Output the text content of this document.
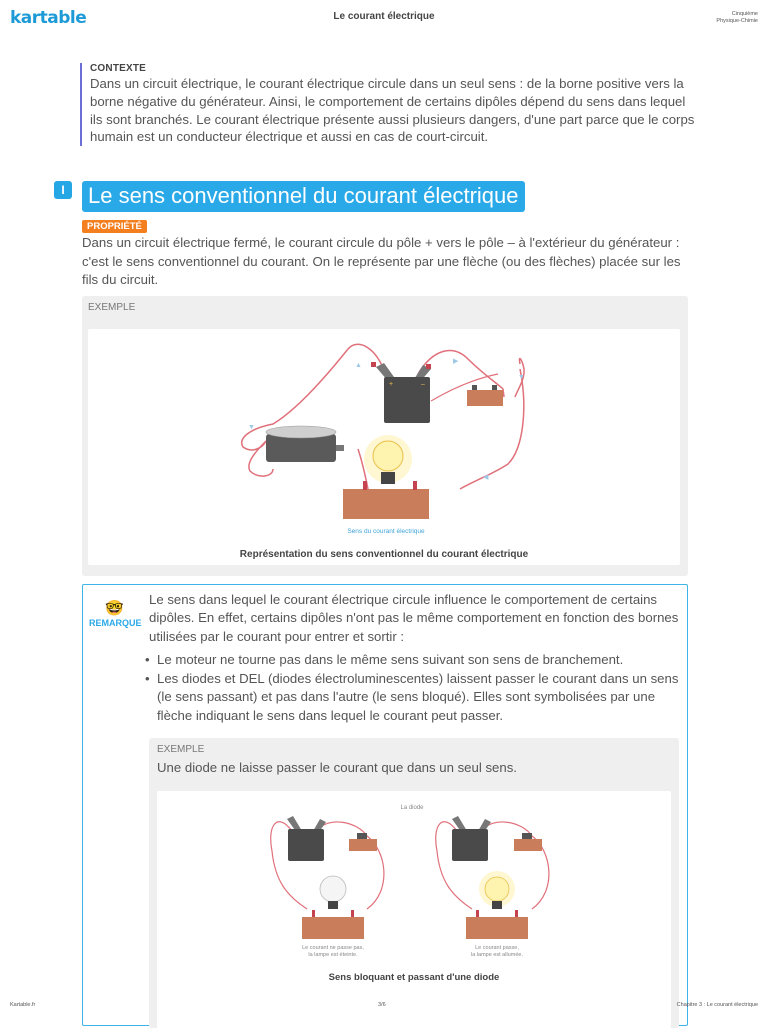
kartable	Le courant électrique	Cinquième
Physique-Chimie
CONTEXTE
Dans un circuit électrique, le courant électrique circule dans un seul sens : de la borne positive vers la borne négative du générateur. Ainsi, le comportement de certains dipôles dépend du sens dans lequel ils sont branchés. Le courant électrique présente aussi plusieurs dangers, d'une part parce que le corps humain est un conducteur électrique et aussi en cas de court-circuit.
I	Le sens conventionnel du courant électrique
PROPRIÉTÉ
Dans un circuit électrique fermé, le courant circule du pôle + vers le pôle – à l'extérieur du générateur : c'est le sens conventionnel du courant. On le représente par une flèche (ou des flèches) placée sur les fils du circuit.
EXEMPLE
▲
▼
◀
▼
▶
+	–
Sens du courant électrique
Représentation du sens conventionnel du courant électrique
🤓
REMARQUE
Le sens dans lequel le courant électrique circule influence le comportement de certains dipôles. En effet, certains dipôles n'ont pas le même comportement en fonction des bornes utilisées par le courant pour entrer et sortir :
• Le moteur ne tourne pas dans le même sens suivant son sens de branchement.
• Les diodes et DEL (diodes électroluminescentes) laissent passer le courant dans un sens (le sens passant) et pas dans l'autre (le sens bloqué). Elles sont symbolisées par une flèche indiquant le sens dans lequel le courant peut passer.
EXEMPLE
Une diode ne laisse passer le courant que dans un seul sens.
La diode
Le courant ne passe pas,
la lampe est éteinte.
Le courant passe,
la lampe est allumée.
Sens bloquant et passant d'une diode
Kartable.fr	3/6	Chapitre 3 : Le courant électrique
